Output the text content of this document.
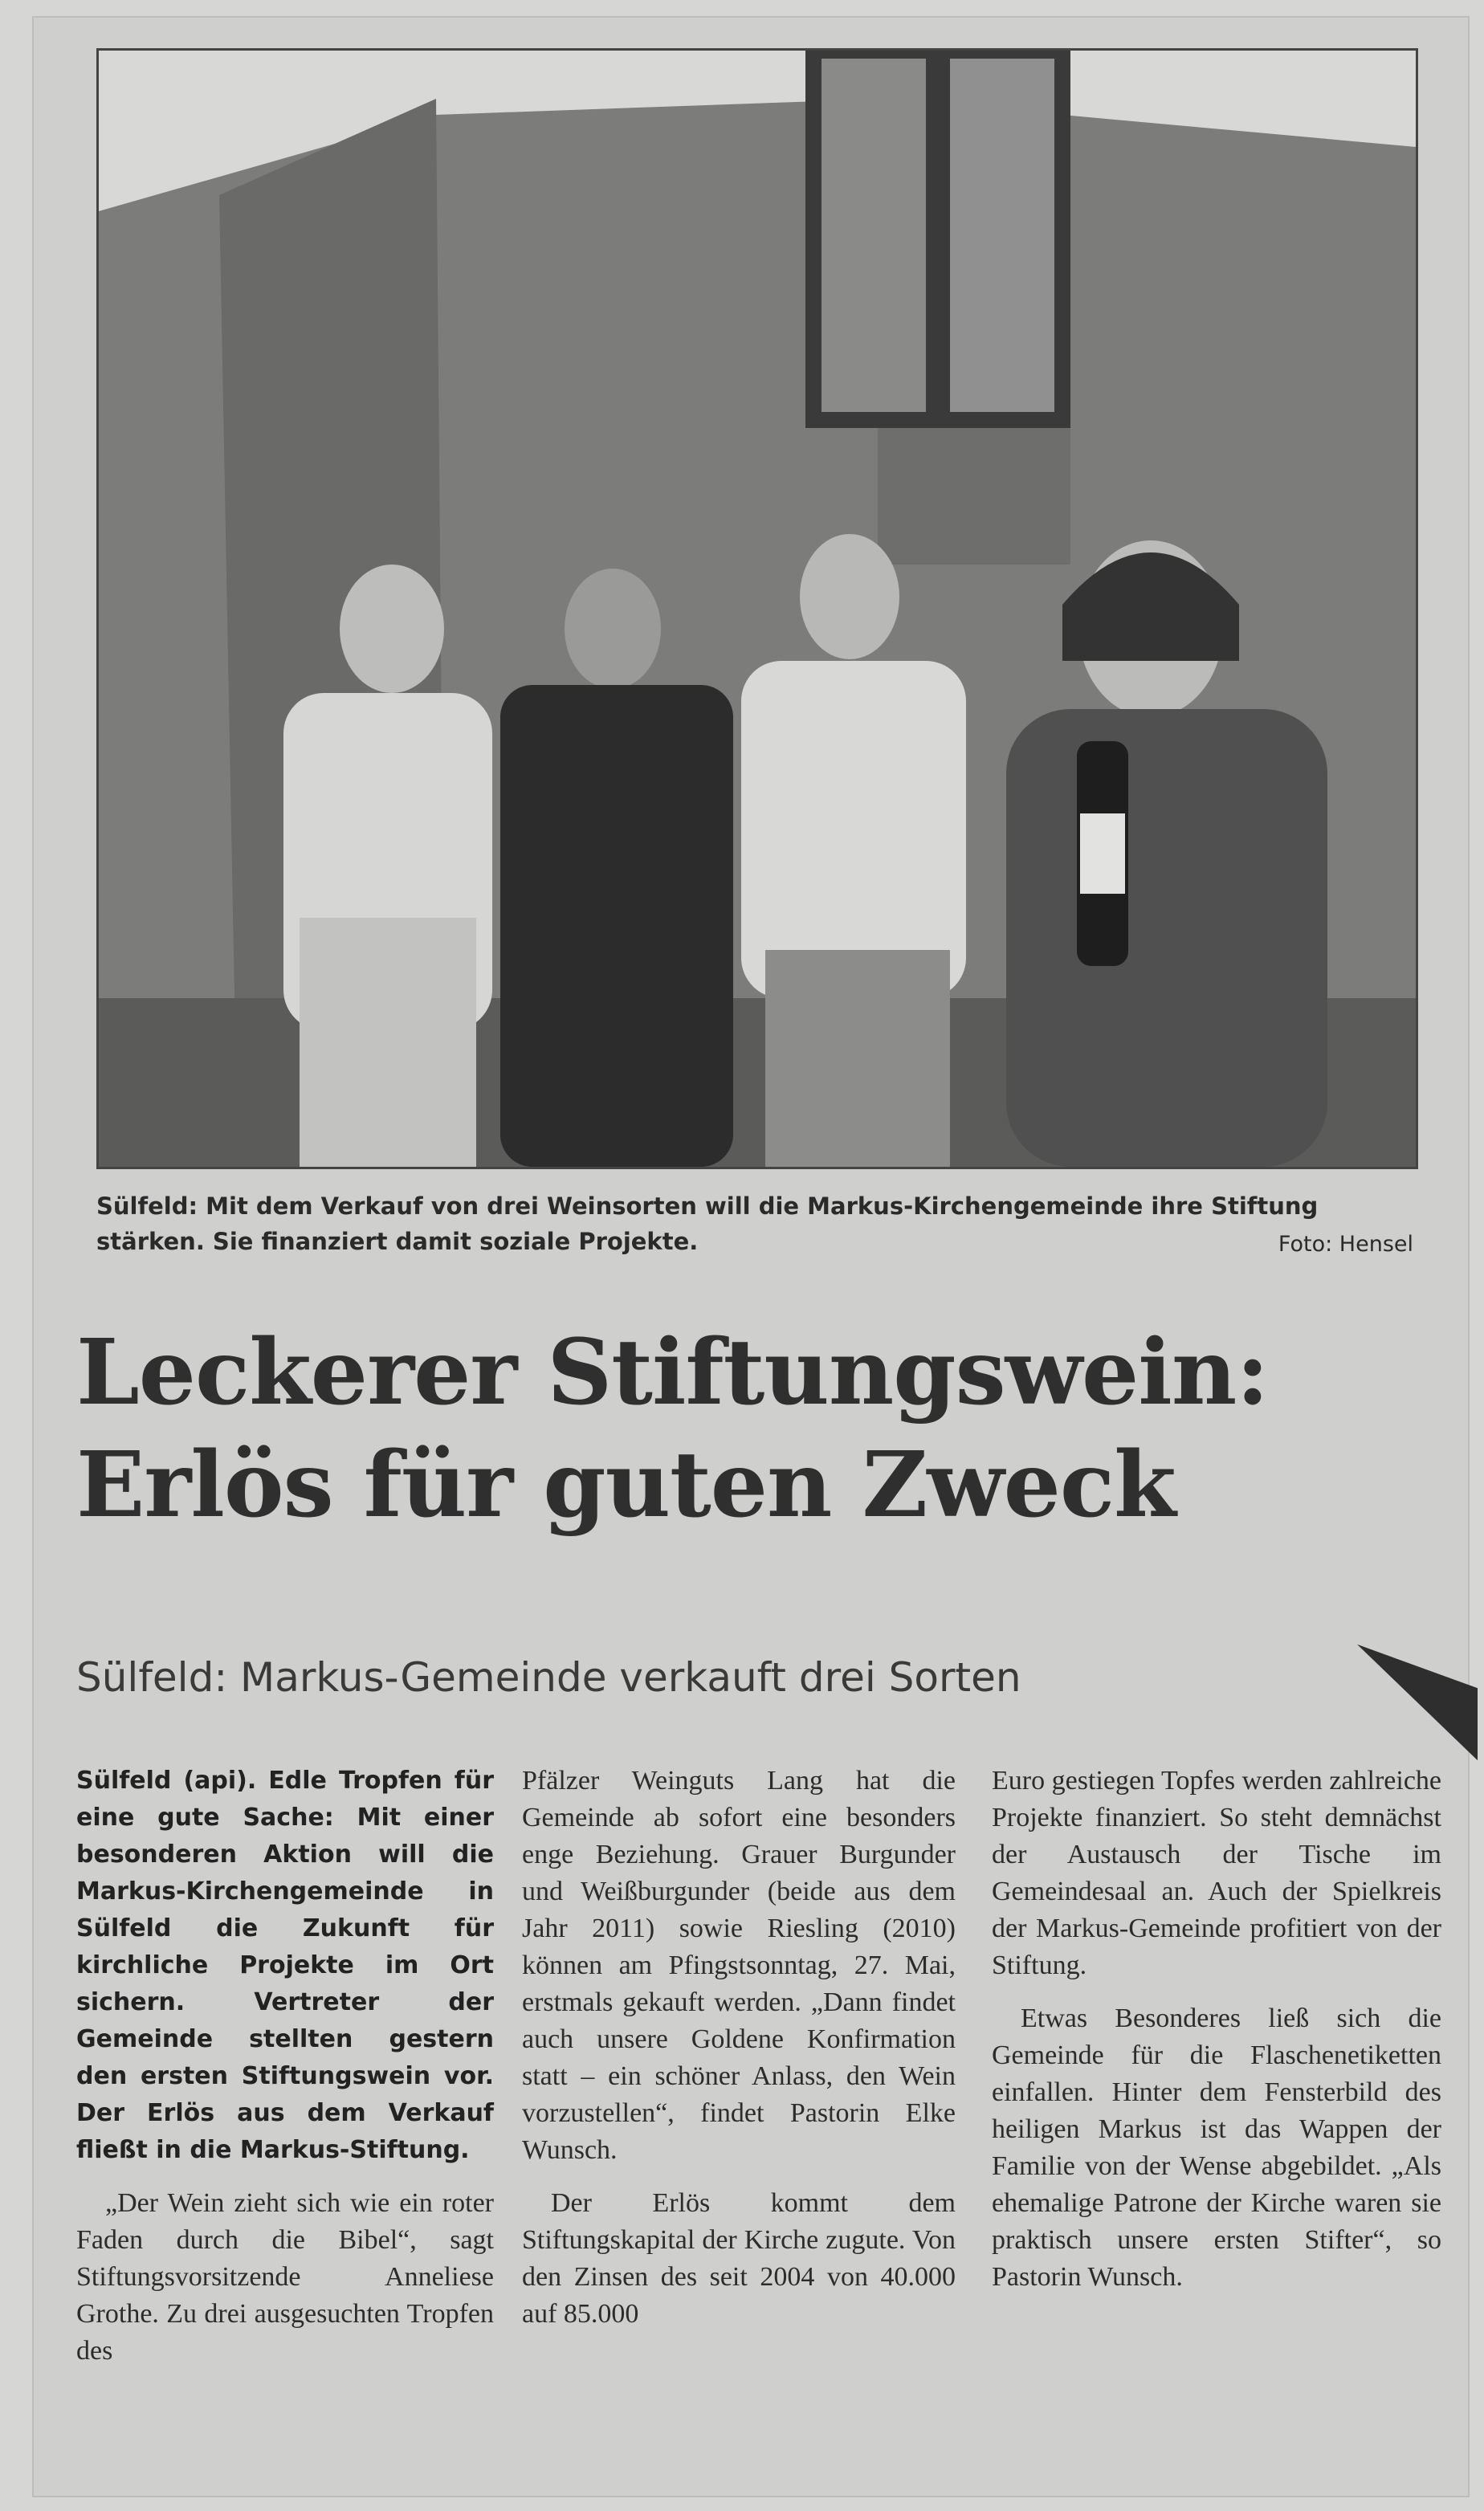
Sülfeld: Mit dem Verkauf von drei Weinsorten will die Markus-Kirchengemeinde ihre Stiftung stärken. Sie finanziert damit soziale Projekte.	Foto: Hensel
Leckerer Stiftungswein:
Erlös für guten Zweck
Sülfeld: Markus-Gemeinde verkauft drei Sorten

Sülfeld (api). Edle Tropfen für eine gute Sache: Mit einer besonderen Aktion will die Markus-Kirchengemeinde in Sülfeld die Zukunft für kirchliche Projekte im Ort sichern. Vertreter der Gemeinde stellten gestern den ersten Stiftungswein vor. Der Erlös aus dem Verkauf fließt in die Markus-Stiftung.

„Der Wein zieht sich wie ein roter Faden durch die Bibel“, sagt Stiftungsvorsitzende Anneliese Grothe. Zu drei ausgesuchten Tropfen des

Pfälzer Weinguts Lang hat die Gemeinde ab sofort eine besonders enge Beziehung. Grauer Burgunder und Weißburgunder (beide aus dem Jahr 2011) sowie Riesling (2010) können am Pfingstsonntag, 27. Mai, erstmals gekauft werden. „Dann findet auch unsere Goldene Konfirmation statt – ein schöner Anlass, den Wein vorzustellen“, findet Pastorin Elke Wunsch.

Der Erlös kommt dem Stiftungskapital der Kirche zugute. Von den Zinsen des seit 2004 von 40.000 auf 85.000

Euro gestiegen Topfes werden zahlreiche Projekte finanziert. So steht demnächst der Austausch der Tische im Gemeindesaal an. Auch der Spielkreis der Markus-Gemeinde profitiert von der Stiftung.

Etwas Besonderes ließ sich die Gemeinde für die Flaschenetiketten einfallen. Hinter dem Fensterbild des heiligen Markus ist das Wappen der Familie von der Wense abgebildet. „Als ehemalige Patrone der Kirche waren sie praktisch unsere ersten Stifter“, so Pastorin Wunsch.
